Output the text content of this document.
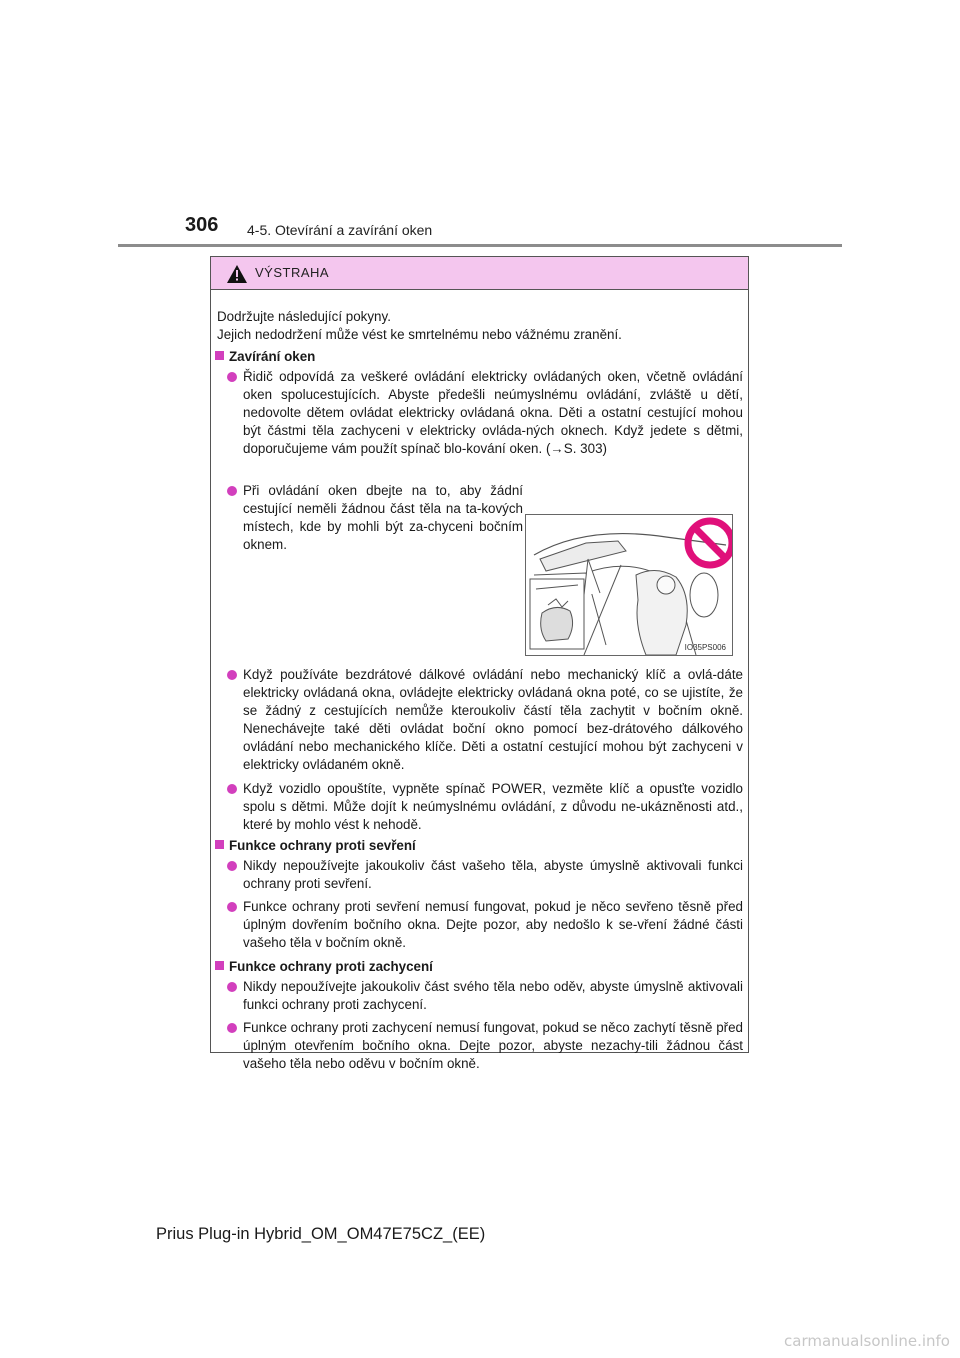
306 4-5. Otevírání a zavírání oken
VÝSTRAHA
Dodržujte následující pokyny.
Jejich nedodržení může vést ke smrtelnému nebo vážnému zranění.
Zavírání oken
Řidič odpovídá za veškeré ovládání elektricky ovládaných oken, včetně ovládání oken spolucestujících. Abyste předešli neúmyslnému ovládání, zvláště u dětí, nedovolte dětem ovládat elektricky ovládaná okna. Děti a ostatní cestující mohou být částmi těla zachyceni v elektricky ovláda-ných oknech. Když jedete s dětmi, doporučujeme vám použít spínač blo-kování oken. (→S. 303)
Při ovládání oken dbejte na to, aby žádní cestující neměli žádnou část těla na ta-kových místech, kde by mohli být za-chyceni bočním oknem.
IO35PS006
Když používáte bezdrátové dálkové ovládání nebo mechanický klíč a ovlá-dáte elektricky ovládaná okna, ovládejte elektricky ovládaná okna poté, co se ujistíte, že se žádný z cestujících nemůže kteroukoliv částí těla zachytit v bočním okně. Nenechávejte také děti ovládat boční okno pomocí bez-drátového dálkového ovládání nebo mechanického klíče. Děti a ostatní cestující mohou být zachyceni v elektricky ovládaném okně.
Když vozidlo opouštíte, vypněte spínač POWER, vezměte klíč a opusťte vozidlo spolu s dětmi. Může dojít k neúmyslnému ovládání, z důvodu ne-ukázněnosti atd., které by mohlo vést k nehodě.
Funkce ochrany proti sevření
Nikdy nepoužívejte jakoukoliv část vašeho těla, abyste úmyslně aktivovali funkci ochrany proti sevření.
Funkce ochrany proti sevření nemusí fungovat, pokud je něco sevřeno těsně před úplným dovřením bočního okna. Dejte pozor, aby nedošlo k se-vření žádné části vašeho těla v bočním okně.
Funkce ochrany proti zachycení
Nikdy nepoužívejte jakoukoliv část svého těla nebo oděv, abyste úmyslně aktivovali funkci ochrany proti zachycení.
Funkce ochrany proti zachycení nemusí fungovat, pokud se něco zachytí těsně před úplným otevřením bočního okna. Dejte pozor, abyste nezachy-tili žádnou část vašeho těla nebo oděvu v bočním okně.
Prius Plug-in Hybrid_OM_OM47E75CZ_(EE)
carmanualsonline.info
